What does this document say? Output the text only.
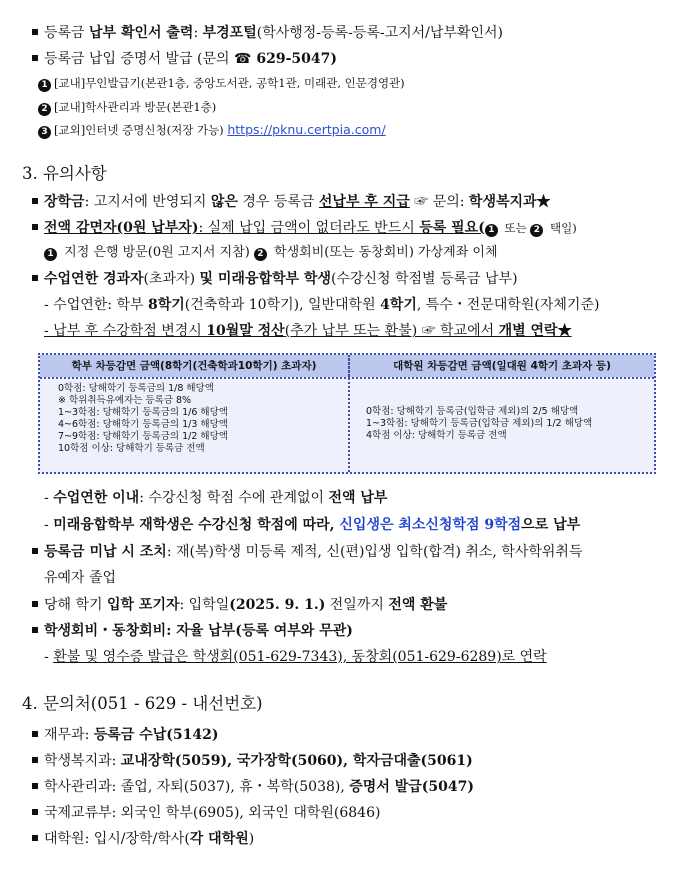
등록금 납부 확인서 출력: 부경포털(학사행정-등록-등록-고지서/납부확인서)
등록금 납입 증명서 발급 (문의 ☎ 629-5047)
1 [교내]무인발급기(본관1층, 중앙도서관, 공학1관, 미래관, 인문경영관)
2 [교내]학사관리과 방문(본관1층)
3 [교외]인터넷 증명신청(저장 가능) https://pknu.certpia.com/
3. 유의사항
장학금: 고지서에 반영되지 않은 경우 등록금 선납부 후 지급 ☞ 문의: 학생복지과★
전액 감면자(0원 납부자): 실제 납입 금액이 없더라도 반드시 등록 필요( 1 또는 2 택일)
1 지정 은행 방문(0원 고지서 지참) 2 학생회비(또는 동창회비) 가상계좌 이체
수업연한 경과자(초과자) 및 미래융합학부 학생(수강신청 학점별 등록금 납부)
- 수업연한: 학부 8학기(건축학과 10학기), 일반대학원 4학기, 특수・전문대학원(자체기준)
- 납부 후 수강학점 변경시 10월말 정산(추가 납부 또는 환불) ☞ 학교에서 개별 연락★
학부 차등감면 금액(8학기(건축학과10학기) 초과자)	대학원 차등감면 금액(일대원 4학기 초과자 등)
0학점: 당해학기 등록금의 1/8 해당액
※ 학위취득유예자는 등록금 8%
1~3학점: 당해학기 등록금의 1/6 해당액
4~6학점: 당해학기 등록금의 1/3 해당액
7~9학점: 당해학기 등록금의 1/2 해당액
10학점 이상: 당해학기 등록금 전액
0학점: 당해학기 등록금(입학금 제외)의 2/5 해당액
1~3학점: 당해학기 등록금(입학금 제외)의 1/2 해당액
4학점 이상: 당해학기 등록금 전액
- 수업연한 이내: 수강신청 학점 수에 관계없이 전액 납부
- 미래융합학부 재학생은 수강신청 학점에 따라, 신입생은 최소신청학점 9학점으로 납부
등록금 미납 시 조치: 재(복)학생 미등록 제적, 신(편)입생 입학(합격) 취소, 학사학위취득
유예자 졸업
당해 학기 입학 포기자: 입학일(2025. 9. 1.) 전일까지 전액 환불
학생회비・동창회비: 자율 납부(등록 여부와 무관)
- 환불 및 영수증 발급은 학생회(051-629-7343), 동창회(051-629-6289)로 연락
4. 문의처(051 - 629 - 내선번호)
재무과: 등록금 수납(5142)
학생복지과: 교내장학(5059), 국가장학(5060), 학자금대출(5061)
학사관리과: 졸업, 자퇴(5037), 휴・복학(5038), 증명서 발급(5047)
국제교류부: 외국인 학부(6905), 외국인 대학원(6846)
대학원: 입시/장학/학사(각 대학원)
